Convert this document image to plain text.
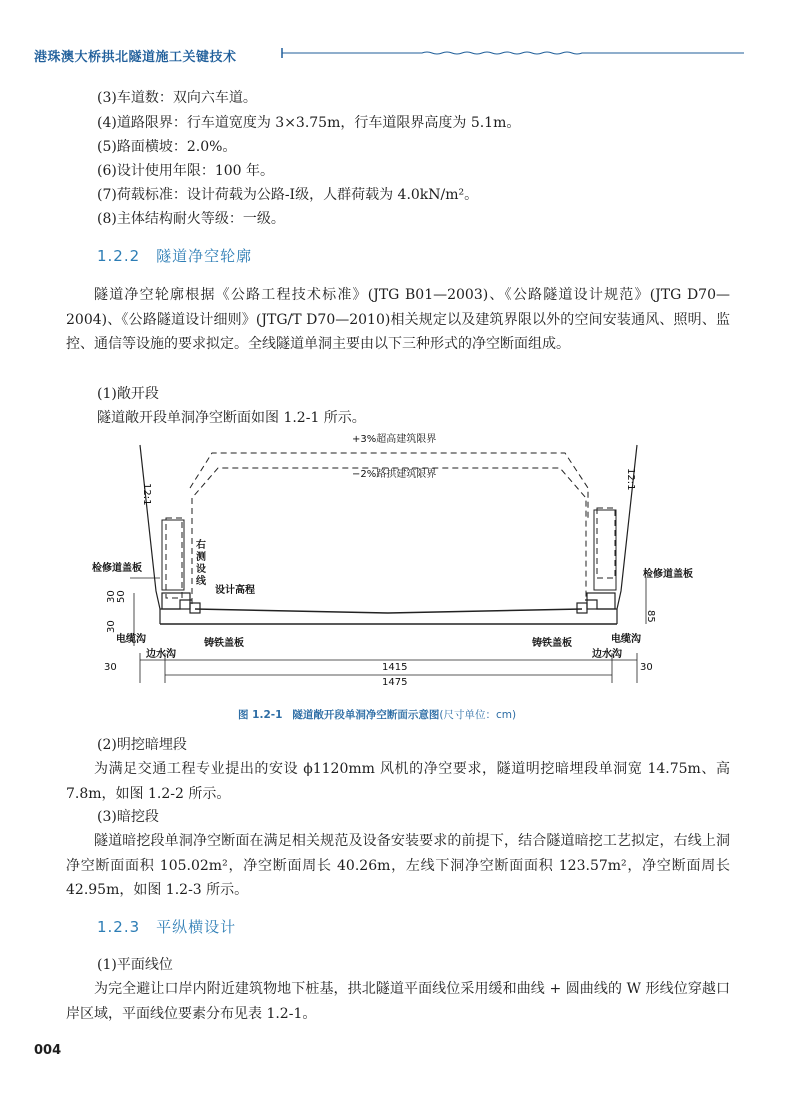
港珠澳大桥拱北隧道施工关键技术
(3)车道数：双向六车道。
(4)道路限界：行车道宽度为 3×3.75m，行车道限界高度为 5.1m。
(5)路面横坡：2.0%。
(6)设计使用年限：100 年。
(7)荷载标准：设计荷载为公路-Ⅰ级，人群荷载为 4.0kN/m²。
(8)主体结构耐火等级：一级。
1.2.2 隧道净空轮廓
隧道净空轮廓根据《公路工程技术标准》(JTG B01—2003)、《公路隧道设计规范》(JTG D70—2004)、《公路隧道设计细则》(JTG/T D70—2010)相关规定以及建筑界限以外的空间安装通风、照明、监控、通信等设施的要求拟定。全线隧道单洞主要由以下三种形式的净空断面组成。
(1)敞开段
隧道敞开段单洞净空断面如图 1.2-1 所示。
+3%超高建筑限界
−2%路拱建筑限界
12:1
12:1
检修道盖板
检修道盖板
设计高程
电缆沟	电缆沟
边水沟	边水沟
铸铁盖板	铸铁盖板
30	1415	30
1475
85
30 50
30
右测设线
图 1.2-1 隧道敞开段单洞净空断面示意图(尺寸单位：cm)
(2)明挖暗埋段
为满足交通工程专业提出的安设 ϕ1120mm 风机的净空要求，隧道明挖暗埋段单洞宽 14.75m、高 7.8m，如图 1.2-2 所示。
(3)暗挖段
隧道暗挖段单洞净空断面在满足相关规范及设备安装要求的前提下，结合隧道暗挖工艺拟定，右线上洞净空断面面积 105.02m²，净空断面周长 40.26m，左线下洞净空断面面积 123.57m²，净空断面周长 42.95m，如图 1.2-3 所示。
1.2.3 平纵横设计
(1)平面线位
为完全避让口岸内附近建筑物地下桩基，拱北隧道平面线位采用缓和曲线 + 圆曲线的 W 形线位穿越口岸区域，平面线位要素分布见表 1.2-1。
004
